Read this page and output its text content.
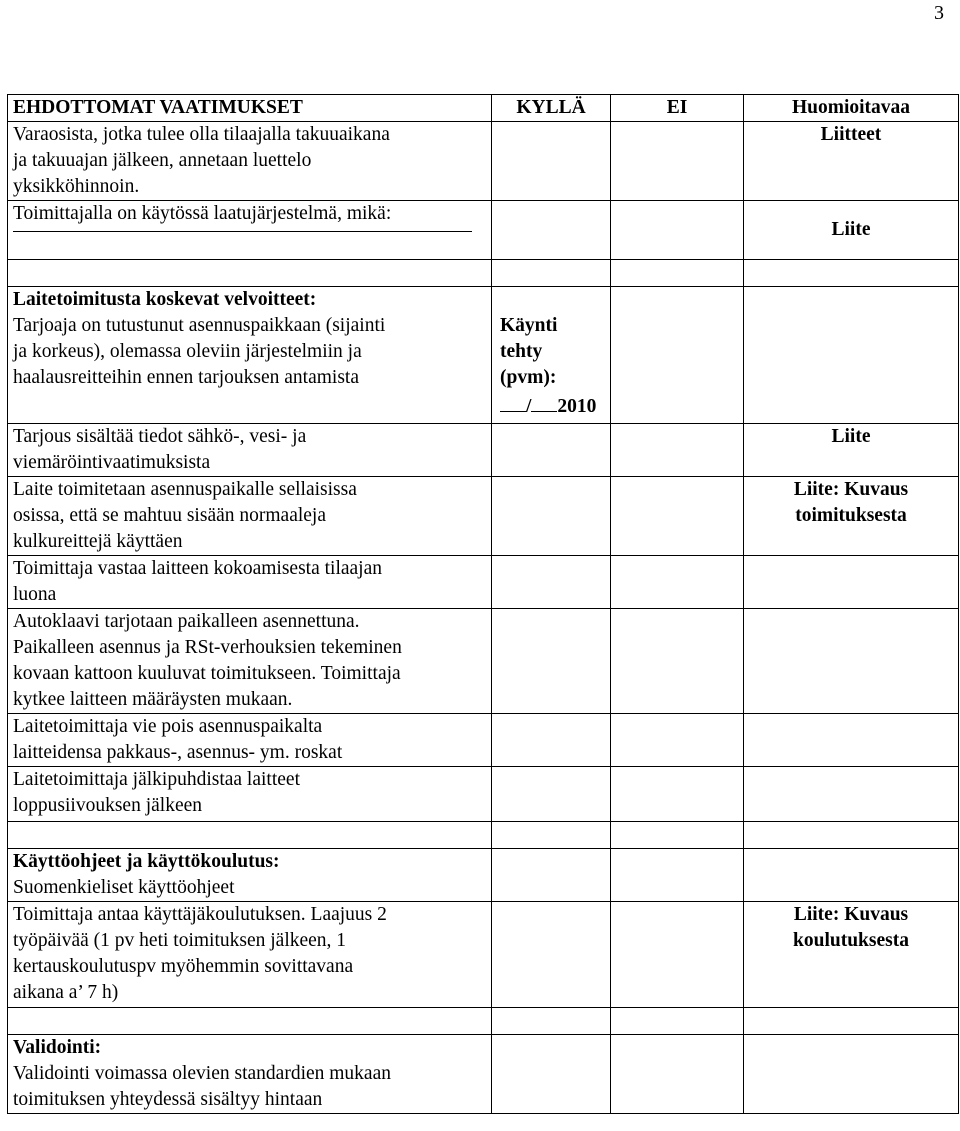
3
EHDOTTOMAT VAATIMUKSET	KYLLÄ	EI	Huomioitavaa

Varaosista, jotka tulee olla tilaajalla takuuaikana
ja takuuajan jälkeen, annetaan luettelo
yksikköhinnoin.			Liitteet

Toimittajalla on käytössä laatujärjestelmä, mikä:			Liite

Laitetoimitusta koskevat velvoitteet:
Tarjoaja on tutustunut asennuspaikkaan (sijainti
ja korkeus), olemassa oleviin järjestelmiin ja
haalausreitteihin ennen tarjouksen antamista	Käynti
tehty
(pvm):
/ 2010		

Tarjous sisältää tiedot sähkö-, vesi- ja
viemäröintivaatimuksista			Liite

Laite toimitetaan asennuspaikalle sellaisissa
osissa, että se mahtuu sisään normaaleja
kulkureittejä käyttäen			Liite: Kuvaus
toimituksesta

Toimittaja vastaa laitteen kokoamisesta tilaajan
luona			

Autoklaavi tarjotaan paikalleen asennettuna.
Paikalleen asennus ja RSt-verhouksien tekeminen
kovaan kattoon kuuluvat toimitukseen. Toimittaja
kytkee laitteen määräysten mukaan.			

Laitetoimittaja vie pois asennuspaikalta
laitteidensa pakkaus-, asennus- ym. roskat			

Laitetoimittaja jälkipuhdistaa laitteet
loppusiivouksen jälkeen			

Käyttöohjeet ja käyttökoulutus:
Suomenkieliset käyttöohjeet			

Toimittaja antaa käyttäjäkoulutuksen. Laajuus 2
työpäivää (1 pv heti toimituksen jälkeen, 1
kertauskoulutuspv myöhemmin sovittavana
aikana a’ 7 h)			Liite: Kuvaus
koulutuksesta

Validointi:
Validointi voimassa olevien standardien mukaan
toimituksen yhteydessä sisältyy hintaan			
